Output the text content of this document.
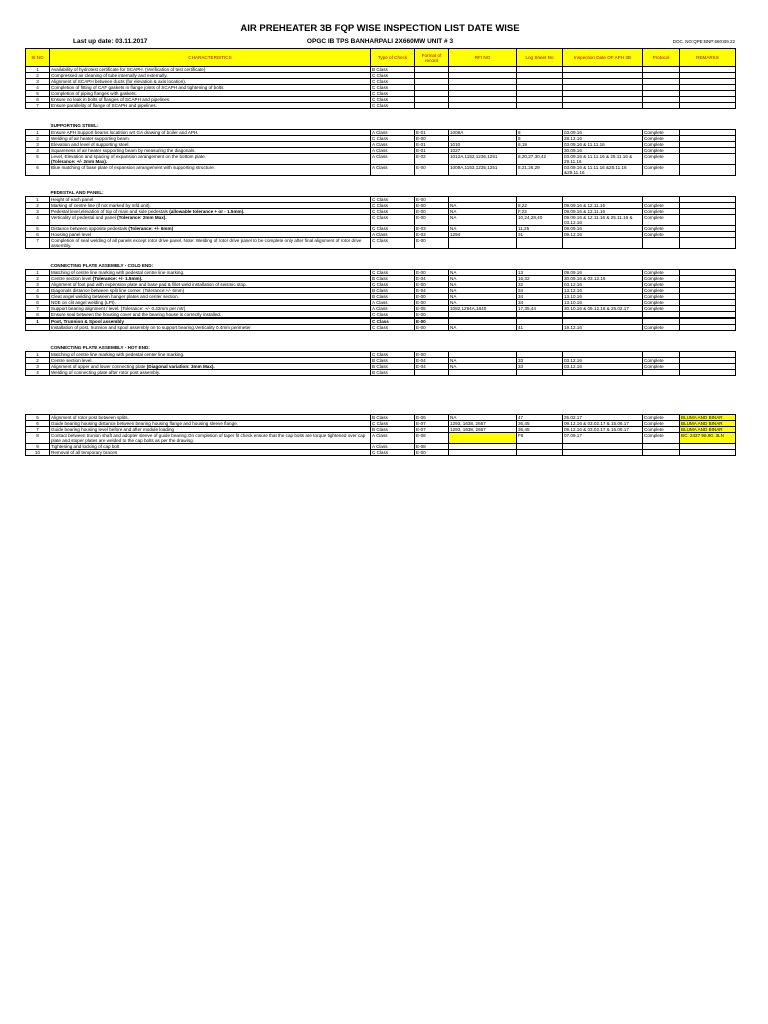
AIR PREHEATER 3B FQP WISE INSPECTION LIST DATE WISE
Last up date: 03.11.2017	OPGC IB TPS BANHARPALI 2X660MW UNIT # 3	DOC. NO:QPE:BNP:660:B9.22
Sl NO	CHARACTERISTICS	Type of Check	Format of record	RFI NO	Log Sheet No	Inspection Date OF APH 3B	Protocol	REMARKS
1	Availability of hydrotest certificate for SCAPH. (Verification of test certificate)	B Class						
2	Compressed air cleaning of tube internally and externally.	C Class						
3	Alignment of SCAPH between ducts (for elevation & axis location).	C Class						
4	Completion of fitting of CAF gaskets in flange joints of SCAPH and tightening of bolts	C Class						
5	Completion of piping flanges with gaskets.	C Class						
6	Ensure no leak in bolts of flanges of SCAPH and pipelines.	C Class						
7	Ensure parallelity of flange of SCAPH and pipelines.	C Class						

	SUPPORTING STEEL:							
1	Ensure APH Support beams locatition wrt GA drawing of boiler and APH.	A Class	E-01	1008A	8	03.09.16	Complete	
2	Welding of air heater supporting beam.	C Class	E-00		8	28.12.16	Complete	
3	Elevation and level of supporting steel.	A Class	E-01	1010	8,19	03.09.16 & 11.11.16	Complete	
4	Squareness of air heater supporting beam by measuring the diagonals.	A Class	E-01	1027		30.09.16	Complete	
5	Level, Elevation and spacing of expansion arrangement on the bottom plate.
(Tolerance: +/- 2mm Max).	A Class	E-02	1012A,1152,1236,1251	8,20,27,30,42	03.09.16 & 11.11.16 & 25.11.16 & 29.11.16	Complete	
6	Blue matching of base plate of expansion arrangement with supporting structure.	A Class	E-00	1009A,1153,1235,1251	8,21,26,29	03.09.16 & 11.11.16 &25.11.16 &29.11.16	Complete	

	PEDESTAL AND PANEL:							
1	Height of each panel	C Class	E-00					
2	Marking of centre line (if not marked by mfd.unit).	C Class	E-00	NA	8,22	09.09.16 & 12.11.16	Complete	
3	Pedestal level,elevation of top of main and side pedestals (allowable tolerance + or - 1.5mm).	C Class	E-00	NA	F,23	09.09.16 & 12.11.16	Complete	
4	Verticality of pedestal and panel (Tolerance: 2mm Max).	C Class	E-00	NA	10,24,28,40	09.09.16 & 12.11.16 & 25.11.16 & 03.12.16	Complete	
5	Distance between opposite pedestals (Tolerance: +/- 6mm)	C Class	E-03	NA	11,25	09.09.16	Complete	
6	Housing panel level	A Class	E-03	1294	31	09.12.16	Complete	
7	Completion of seal welding of all panels except rotor drive panel. Note: Welding of rotor drive panel to be complete only after final alignment of rotor drive assembly.	C Class	E-00					

	CONNECTING PLATE ASSEMBLY - COLD END:							
1	Matching of centre line marking with pedestal centre line marking.	C Class	E-00	NA	13	09.09.16	Complete	
2	Centre section level (Tolerance: +/- 1.5mm).	B Class	E-04	NA	16,32	30.09.16 & 03.12.16	Complete	
3	Alignment of foot pad with expension plate and base pad & fillet weld installation of seismic stop.	C Class	E-00	NA	32	03.12.16	Complete	
4	Diagonals distance between split line corner. (Tolerance:+/- 6mm)	B Class	E-04	NA	34	13.12.16	Complete	
5	Cleat angel welding between hanger plates and center section.	B Class	E-00	NA	34	13.10.16	Complete	
6	NDE on clit angel welding (LPI).	A Class	E-00	NA	34	13.10.16	Complete	
7	Support bearing alignment / level. (Tolerance: +/- 0.42mm per mtr)	A Class	E-05	1082,1294A,1640	17,35,44	30.10.16 & 09.12.16 & 25.02.17	Complete	
8	Ensure seal between the housing cover and the bearing house is correctly installed.	C Class	E-00					

1	Post, Trunnion & Spool assembly	C Class	E-00					
	Installation of post, trunnion and spool assembly on to support bearing.Verticality 0.4mm perimeter	C Class	E-00	NA	41	19.12.16	Complete	

	CONNECTING PLATE ASSEMBLY - HOT END:							
1	Matching of centre line marking with pedestal center line marking.	C Class	E-00					
2	Centre section level.	B Class	E-04	NA	33	03.12.16	Complete	
3	Alignment of upper and lower connecting plate (Diagonal variation: 3mm Max).	B Class	E-04	NA	33	03.12.16	Complete	
4	Welding of connecting plate after rotor post assembly.	B Class						

5	Alignment of rotor post between splits.	B Class	E-06	NA	47	25.02.17	Complete	BLUMA AND BINAR
6	Guide bearing housing distance between bearing housing flange and housing sleeve flange.	C Class	E-07	1293, 1638, 2667	36,45	09.12.16 & 03.02.17 & 15.06.17	Complete	BLUMA AND BINAR
7	Guide bearing housing level before and after module loading	B Class	E-07	1293, 1638, 2667	36,45	09.12.16 & 03.02.17 & 15.06.17	Complete	BLUMA AND BINAR
8	Contact between trunion shaft and adopter sleeve of guide bearing.On completion of taper fit check ensure that the cap bolts are torque tightened over cap plate and stoper plates are welded to the cap bolts as per the drawing.	A Class	E-08		F8	07.09.17	Complete	BC: 2427 96.90. 3LN
9	Tightening and locking of cap bolt	A Class	E-08					
10	Removal of all temporary braces	C Class	E-00					
